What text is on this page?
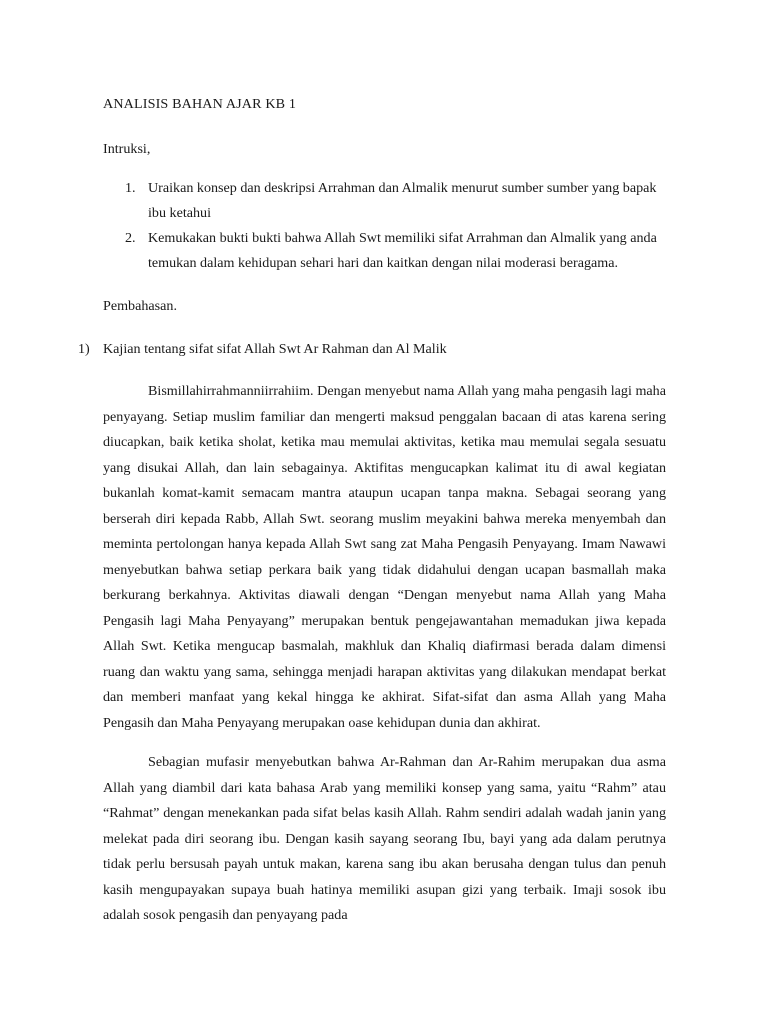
ANALISIS BAHAN AJAR KB 1

Intruksi,

1. Uraikan konsep dan deskripsi Arrahman dan Almalik menurut sumber sumber yang bapak ibu ketahui
2. Kemukakan bukti bukti bahwa Allah Swt memiliki sifat Arrahman dan Almalik yang anda temukan dalam kehidupan sehari hari dan kaitkan dengan nilai moderasi beragama.

Pembahasan.

1) Kajian tentang sifat sifat Allah Swt Ar Rahman dan Al Malik

Bismillahirrahmanniirrahiim. Dengan menyebut nama Allah yang maha pengasih lagi maha penyayang. Setiap muslim familiar dan mengerti maksud penggalan bacaan di atas karena sering diucapkan, baik ketika sholat, ketika mau memulai aktivitas, ketika mau memulai segala sesuatu yang disukai Allah, dan lain sebagainya. Aktifitas mengucapkan kalimat itu di awal kegiatan bukanlah komat-kamit semacam mantra ataupun ucapan tanpa makna. Sebagai seorang yang berserah diri kepada Rabb, Allah Swt. seorang muslim meyakini bahwa mereka menyembah dan meminta pertolongan hanya kepada Allah Swt sang zat Maha Pengasih Penyayang. Imam Nawawi menyebutkan bahwa setiap perkara baik yang tidak didahului dengan ucapan basmallah maka berkurang berkahnya. Aktivitas diawali dengan “Dengan menyebut nama Allah yang Maha Pengasih lagi Maha Penyayang” merupakan bentuk pengejawantahan memadukan jiwa kepada Allah Swt. Ketika mengucap basmalah, makhluk dan Khaliq diafirmasi berada dalam dimensi ruang dan waktu yang sama, sehingga menjadi harapan aktivitas yang dilakukan mendapat berkat dan memberi manfaat yang kekal hingga ke akhirat. Sifat-sifat dan asma Allah yang Maha Pengasih dan Maha Penyayang merupakan oase kehidupan dunia dan akhirat.

Sebagian mufasir menyebutkan bahwa Ar-Rahman dan Ar-Rahim merupakan dua asma Allah yang diambil dari kata bahasa Arab yang memiliki konsep yang sama, yaitu “Rahm” atau “Rahmat” dengan menekankan pada sifat belas kasih Allah. Rahm sendiri adalah wadah janin yang melekat pada diri seorang ibu. Dengan kasih sayang seorang Ibu, bayi yang ada dalam perutnya tidak perlu bersusah payah untuk makan, karena sang ibu akan berusaha dengan tulus dan penuh kasih mengupayakan supaya buah hatinya memiliki asupan gizi yang terbaik. Imaji sosok ibu adalah sosok pengasih dan penyayang pada
